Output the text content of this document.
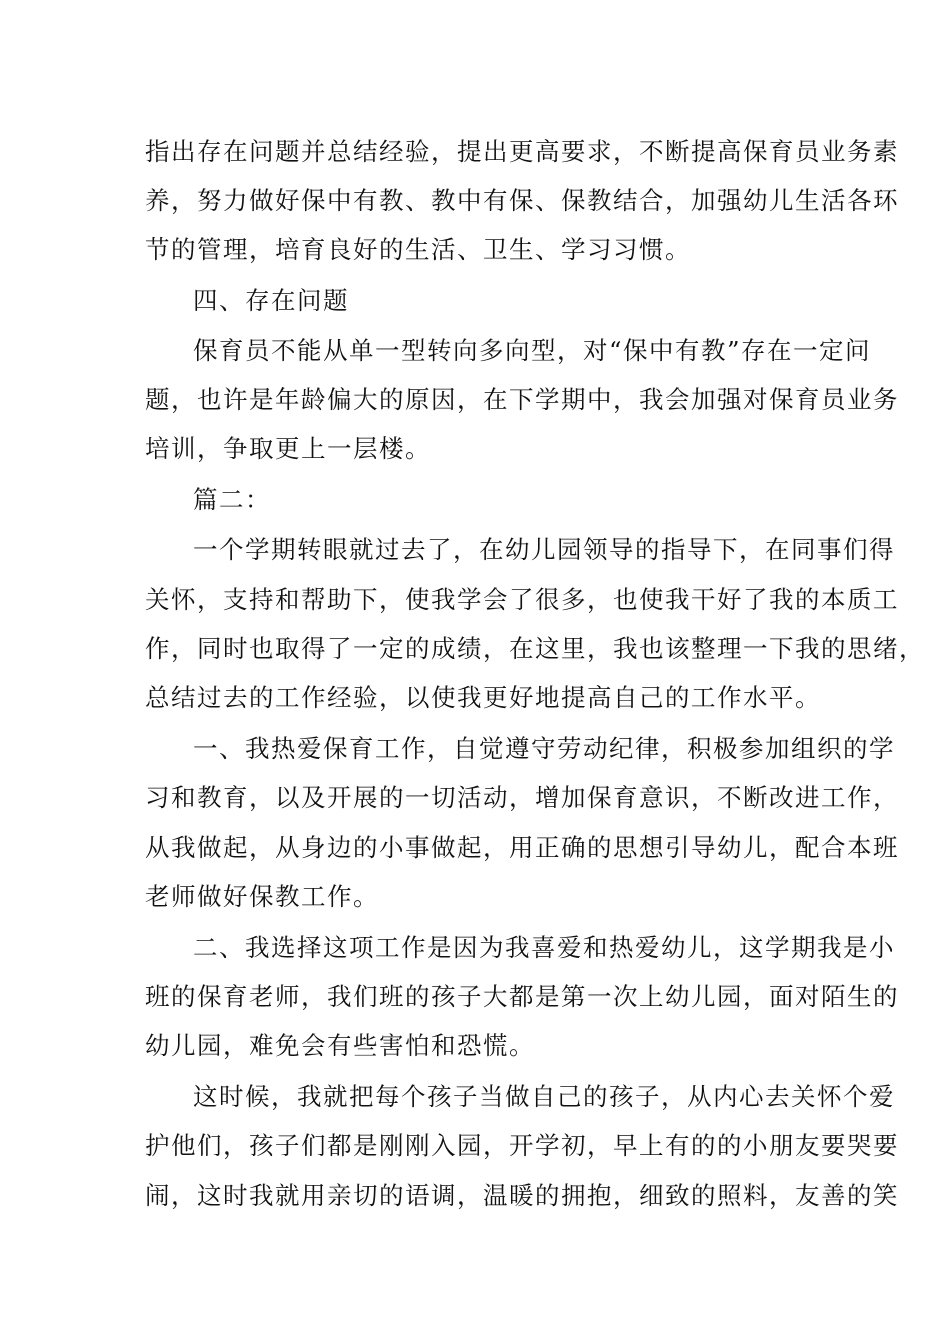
指出存在问题并总结经验，提出更高要求，不断提高保育员业务素
养，努力做好保中有教、教中有保、保教结合，加强幼儿生活各环
节的管理，培育良好的生活、卫生、学习习惯。
四、存在问题
保育员不能从单一型转向多向型，对“保中有教”存在一定问
题，也许是年龄偏大的原因，在下学期中，我会加强对保育员业务
培训，争取更上一层楼。
篇二：
一个学期转眼就过去了，在幼儿园领导的指导下，在同事们得
关怀，支持和帮助下，使我学会了很多，也使我干好了我的本质工
作，同时也取得了一定的成绩，在这里，我也该整理一下我的思绪，
总结过去的工作经验，以使我更好地提高自己的工作水平。
一、我热爱保育工作，自觉遵守劳动纪律，积极参加组织的学
习和教育，以及开展的一切活动，增加保育意识，不断改进工作，
从我做起，从身边的小事做起，用正确的思想引导幼儿，配合本班
老师做好保教工作。
二、我选择这项工作是因为我喜爱和热爱幼儿，这学期我是小
班的保育老师，我们班的孩子大都是第一次上幼儿园，面对陌生的
幼儿园，难免会有些害怕和恐慌。
这时候，我就把每个孩子当做自己的孩子，从内心去关怀个爱
护他们，孩子们都是刚刚入园，开学初，早上有的的小朋友要哭要
闹，这时我就用亲切的语调，温暖的拥抱，细致的照料，友善的笑
